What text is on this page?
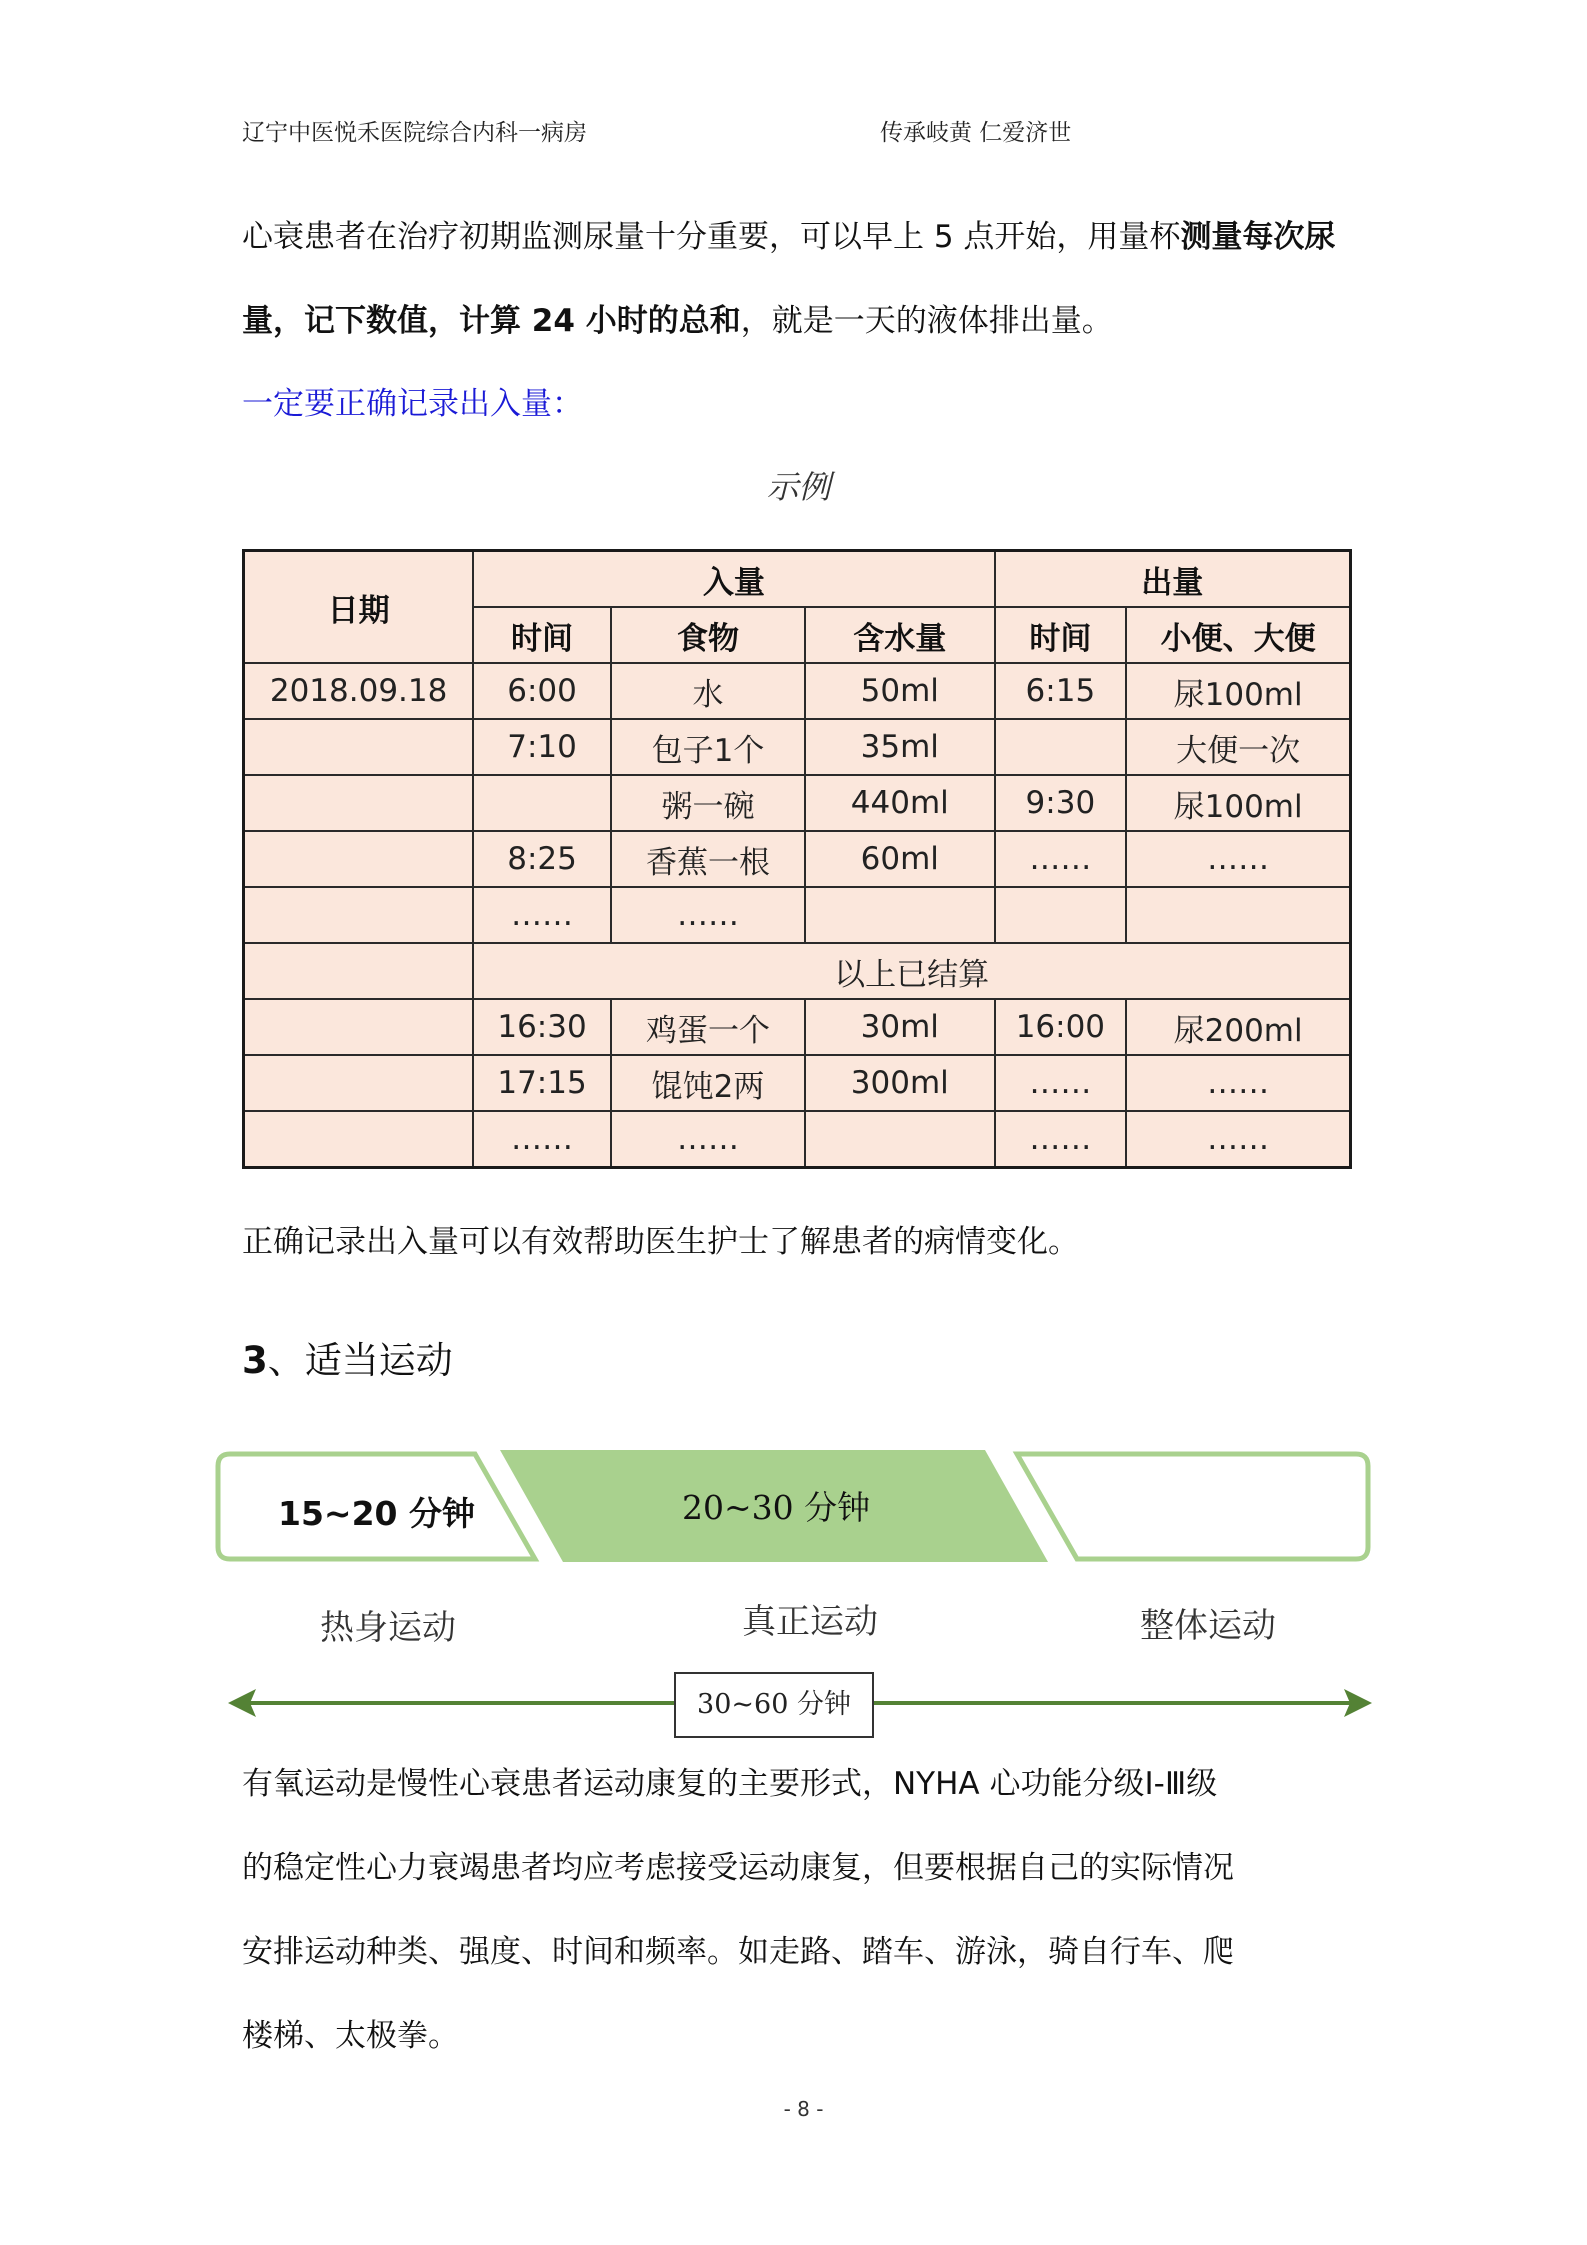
辽宁中医悦禾医院综合内科一病房	传承岐黄 仁爱济世
心衰患者在治疗初期监测尿量十分重要，可以早上 5 点开始，用量杯测量每次尿
量，记下数值，计算 24 小时的总和，就是一天的液体排出量。
一定要正确记录出入量：
示例
日期	入量			出量	
	时间	食物	含水量	时间	小便、大便
2018.09.18	6:00	水	50ml	6:15	尿100ml
	7:10	包子1个	35ml		大便一次
		粥一碗	440ml	9:30	尿100ml
	8:25	香蕉一根	60ml	……	……
	……	……			
	以上已结算				
	16:30	鸡蛋一个	30ml	16:00	尿200ml
	17:15	馄饨2两	300ml	……	……
	……	……		……	……
正确记录出入量可以有效帮助医生护士了解患者的病情变化。
3、适当运动
15~20 分钟	20~30 分钟
热身运动	真正运动	整体运动
30~60 分钟
有氧运动是慢性心衰患者运动康复的主要形式，NYHA 心功能分级Ⅰ-Ⅲ级
的稳定性心力衰竭患者均应考虑接受运动康复，但要根据自己的实际情况
安排运动种类、强度、时间和频率。如走路、踏车、游泳，骑自行车、爬
楼梯、太极拳。
- 8 -
